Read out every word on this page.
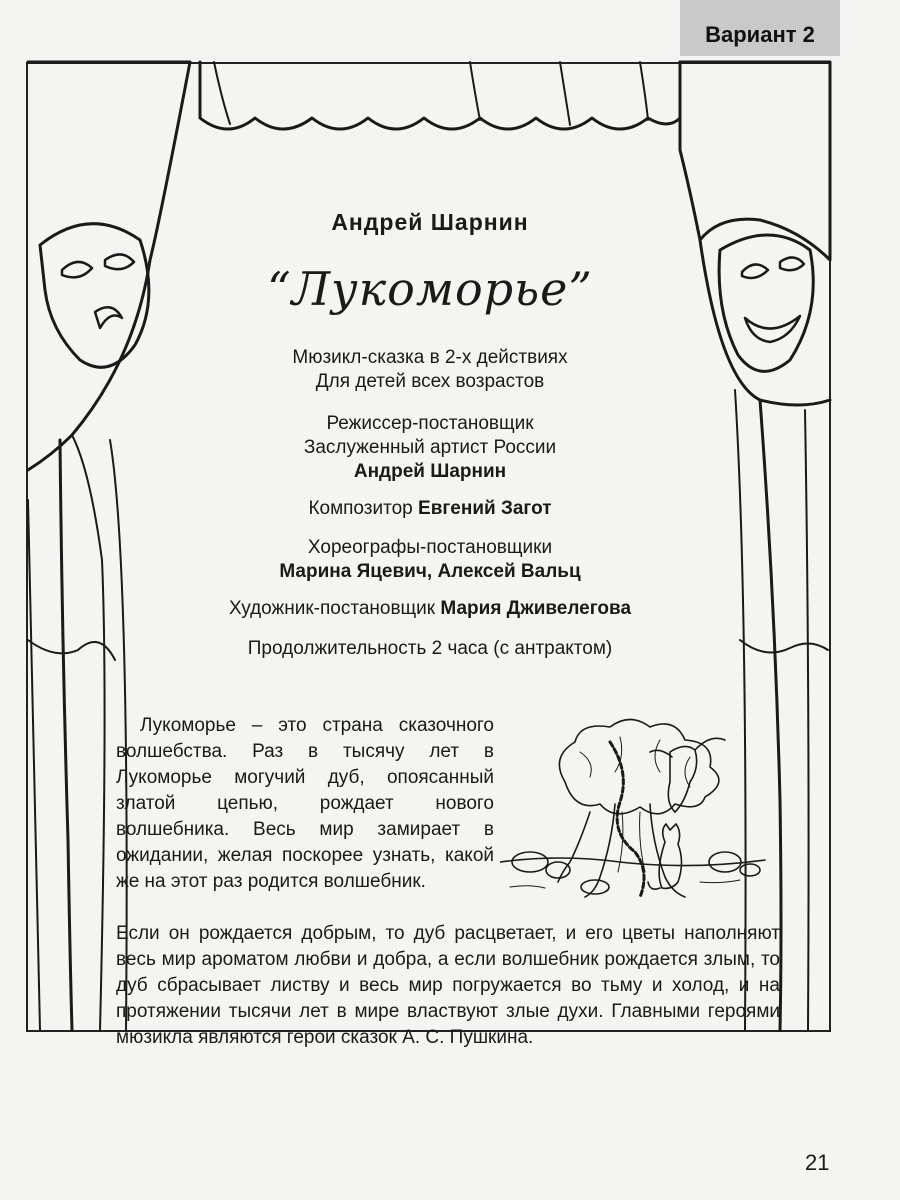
Вариант 2
Андрей Шарнин
“Лукоморье”
Мюзикл-сказка в 2-х действиях
Для детей всех возрастов
Режиссер-постановщик
Заслуженный артист России
Андрей Шарнин
Композитор Евгений Загот
Хореографы-постановщики
Марина Яцевич, Алексей Вальц
Художник-постановщик Мария Дживелегова
Продолжительность 2 часа (с антрактом)
Лукоморье – это страна сказочного волшебства. Раз в тысячу лет в Лукоморье могучий дуб, опоясанный златой цепью, рождает нового волшебника. Весь мир замирает в ожидании, желая поскорее узнать, какой же на этот раз родится волшебник.
Если он рождается добрым, то дуб расцветает, и его цветы наполняют весь мир ароматом любви и добра, а если волшебник рождается злым, то дуб сбрасывает листву и весь мир погружается во тьму и холод, и на протяжении тысячи лет в мире властвуют злые духи. Главными героями мюзикла являются герои сказок А. С. Пушкина.
21
